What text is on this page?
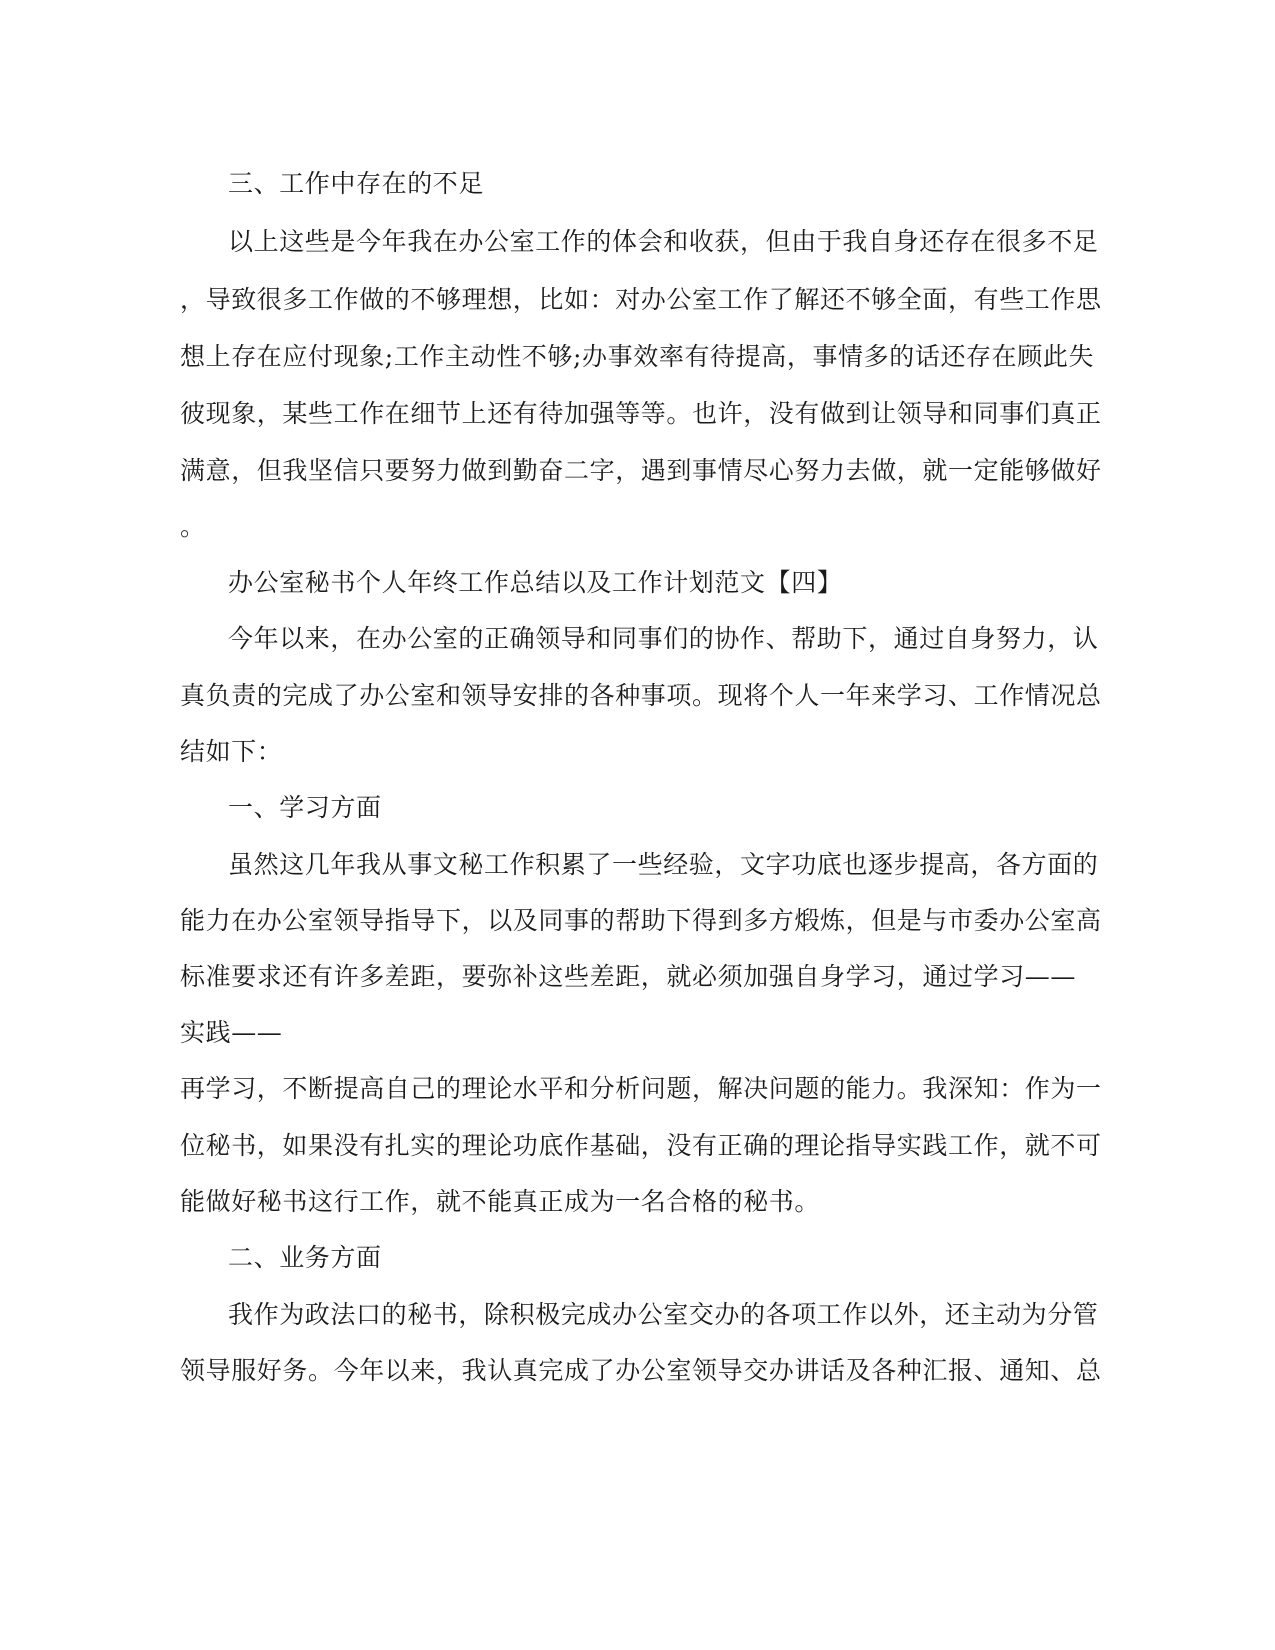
三、工作中存在的不足
以上这些是今年我在办公室工作的体会和收获，但由于我自身还存在很多不足
，导致很多工作做的不够理想，比如：对办公室工作了解还不够全面，有些工作思
想上存在应付现象;工作主动性不够;办事效率有待提高，事情多的话还存在顾此失
彼现象，某些工作在细节上还有待加强等等。也许，没有做到让领导和同事们真正
满意，但我坚信只要努力做到勤奋二字，遇到事情尽心努力去做，就一定能够做好
。
办公室秘书个人年终工作总结以及工作计划范文【四】
今年以来，在办公室的正确领导和同事们的协作、帮助下，通过自身努力，认
真负责的完成了办公室和领导安排的各种事项。现将个人一年来学习、工作情况总
结如下：
一、学习方面
虽然这几年我从事文秘工作积累了一些经验，文字功底也逐步提高，各方面的
能力在办公室领导指导下，以及同事的帮助下得到多方煅炼，但是与市委办公室高
标准要求还有许多差距，要弥补这些差距，就必须加强自身学习，通过学习——
实践——
再学习，不断提高自己的理论水平和分析问题，解决问题的能力。我深知：作为一
位秘书，如果没有扎实的理论功底作基础，没有正确的理论指导实践工作，就不可
能做好秘书这行工作，就不能真正成为一名合格的秘书。
二、业务方面
我作为政法口的秘书，除积极完成办公室交办的各项工作以外，还主动为分管
领导服好务。今年以来，我认真完成了办公室领导交办讲话及各种汇报、通知、总
